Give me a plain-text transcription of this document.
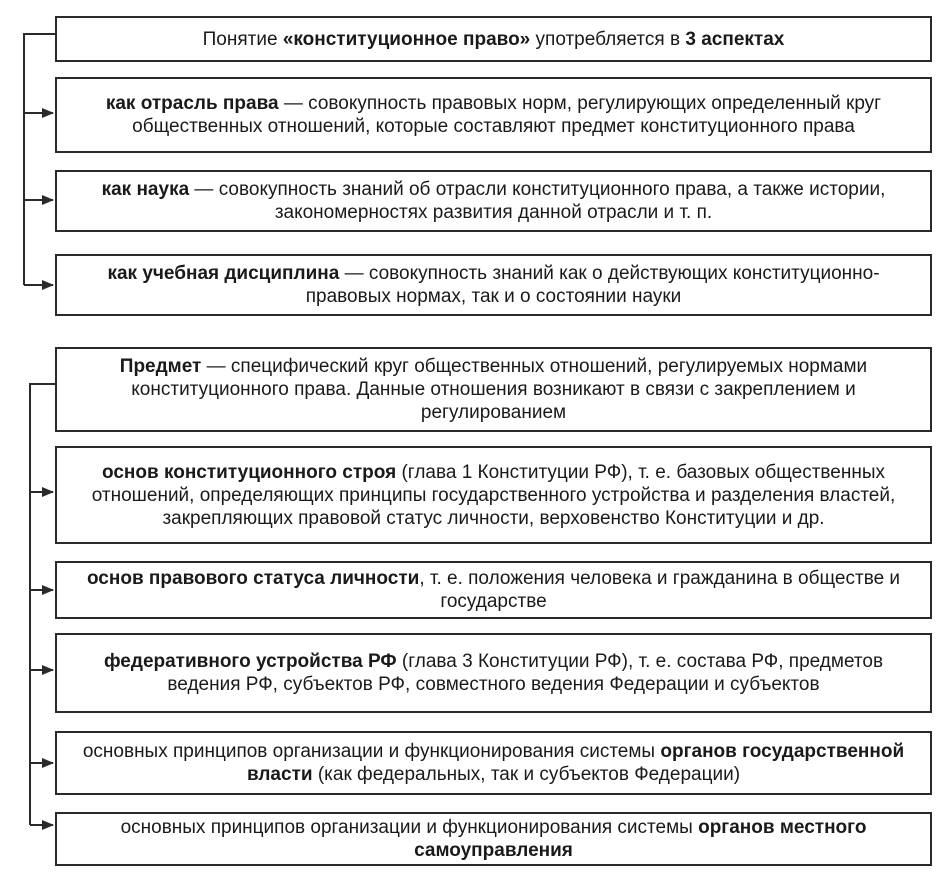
Понятие «конституционное право» употребляется в 3 аспектах
как отрасль права — совокупность правовых норм, регулирующих определенный круг общественных отношений, которые составляют предмет конституционного права
как наука — совокупность знаний об отрасли конституционного права, а также истории, закономерностях развития данной отрасли и т. п.
как учебная дисциплина — совокупность знаний как о действующих конституционно-правовых нормах, так и о состоянии науки
Предмет — специфический круг общественных отношений, регулируемых нормами конституционного права. Данные отношения возникают в связи с закреплением и регулированием
основ конституционного строя (глава 1 Конституции РФ), т. е. базовых общественных отношений, определяющих принципы государственного устройства и разделения властей, закрепляющих правовой статус личности, верховенство Конституции и др.
основ правового статуса личности, т. е. положения человека и гражданина в обществе и государстве
федеративного устройства РФ (глава 3 Конституции РФ), т. е. состава РФ, предметов ведения РФ, субъектов РФ, совместного ведения Федерации и субъектов
основных принципов организации и функционирования системы органов государственной власти (как федеральных, так и субъектов Федерации)
основных принципов организации и функционирования системы органов местного самоуправления
